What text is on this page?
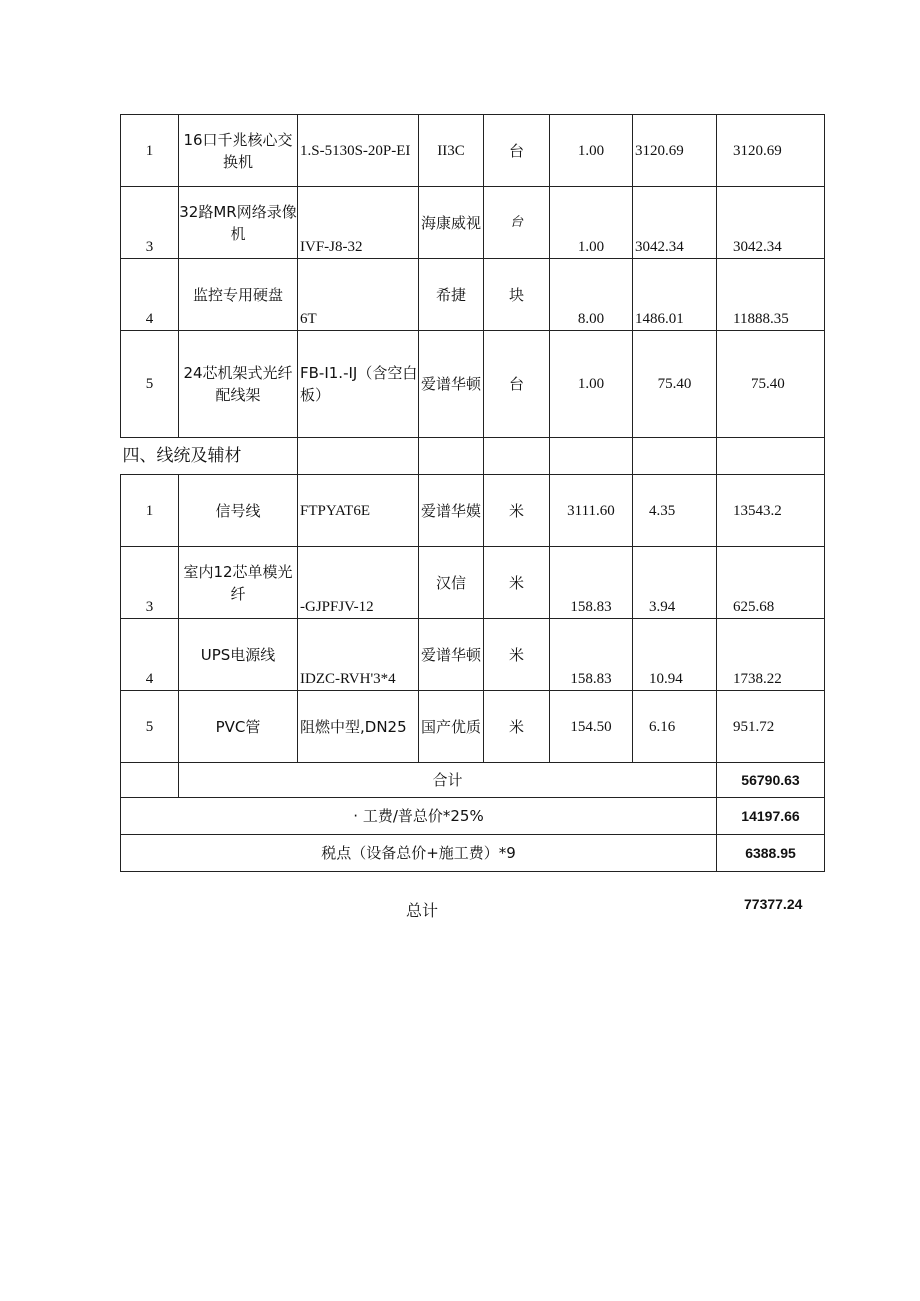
1	16口千兆核心交换机	1.S-5130S-20P-EI	II3C	台	1.00	3120.69	3120.69
3	32路MR网络录像机	IVF-J8-32	海康威视	台	1.00	3042.34	3042.34
4	监控专用硬盘	6T	希捷	块	8.00	1486.01	11888.35
5	24芯机架式光纤配线架	FB-I1.-IJ（含空白板）	爱谱华顿	台	1.00	75.40	75.40
四、线统及辅材							
1	信号线	FTPYAT6E	爱谱华嫫	米	3111.60	4.35	13543.2
3	室内12芯单模光纤	-GJPFJV-12	汉信	米	158.83	3.94	625.68
4	UPS电源线	IDZC-RVH'3*4	爱谱华顿	米	158.83	10.94	1738.22
5	PVC管	阻燃中型,DN25	国产优质	米	154.50	6.16	951.72
	合计						56790.63
· 工费/普总价*25%							14197.66
税点（设备总价+施工费）*9							6388.95
总计	77377.24
